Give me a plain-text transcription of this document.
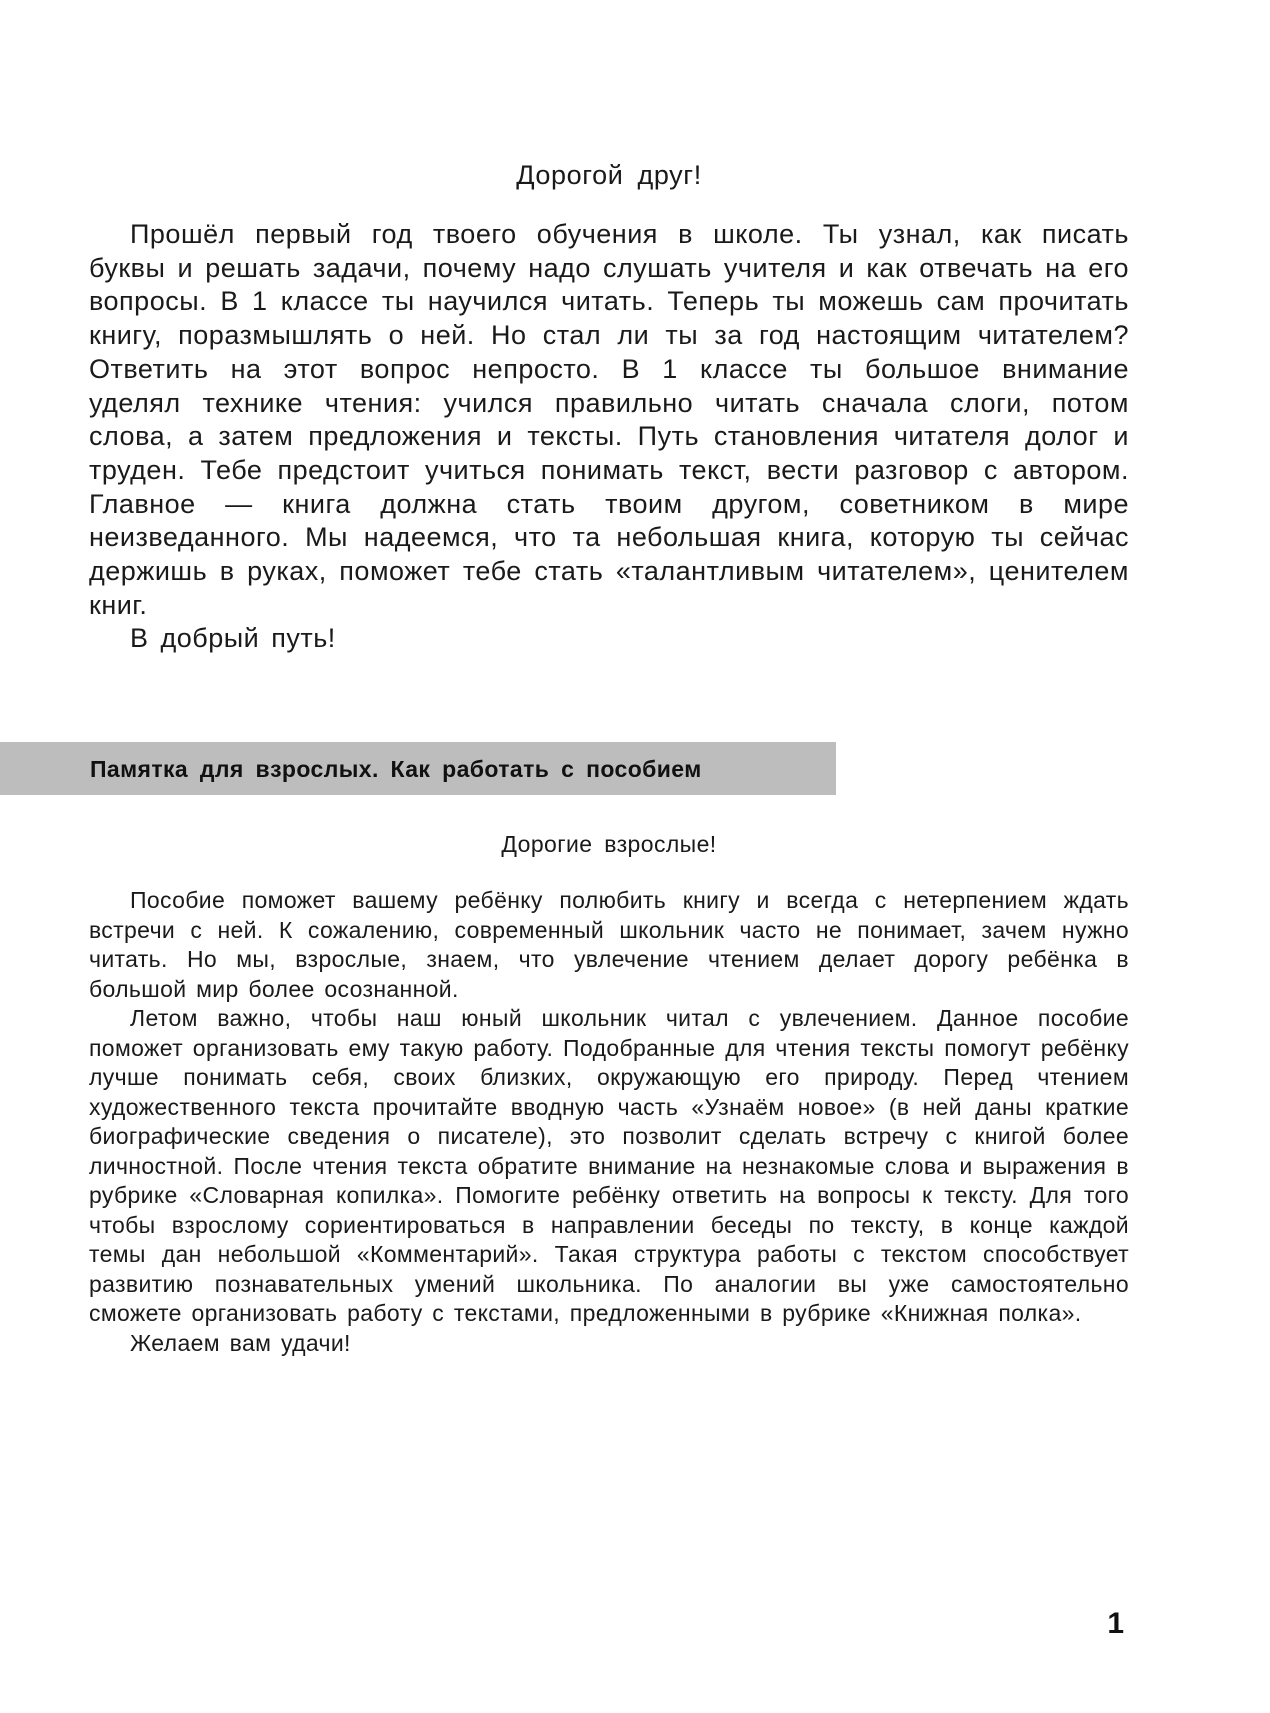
Дорогой друг!

Прошёл первый год твоего обучения в школе. Ты узнал, как писать буквы и решать задачи, почему надо слушать учителя и как отвечать на его вопросы. В 1 классе ты научился читать. Теперь ты можешь сам прочитать книгу, поразмышлять о ней. Но стал ли ты за год настоящим читателем? Ответить на этот вопрос непросто. В 1 классе ты большое внимание уделял технике чтения: учился правильно читать сначала слоги, потом слова, а затем предложения и тексты. Путь становления читателя долог и труден. Тебе предстоит учиться понимать текст, вести разговор с автором. Главное — книга должна стать твоим другом, советником в мире неизведанного. Мы надеемся, что та небольшая книга, которую ты сейчас держишь в руках, поможет тебе стать «талантливым читателем», ценителем книг.

В добрый путь!

Памятка для взрослых. Как работать с пособием
Дорогие взрослые!

Пособие поможет вашему ребёнку полюбить книгу и всегда с нетерпением ждать встречи с ней. К сожалению, современный школьник часто не понимает, зачем нужно читать. Но мы, взрослые, знаем, что увлечение чтением делает дорогу ребёнка в большой мир более осознанной.

Летом важно, чтобы наш юный школьник читал с увлечением. Данное пособие поможет организовать ему такую работу. Подобранные для чтения тексты помогут ребёнку лучше понимать себя, своих близких, окружающую его природу. Перед чтением художественного текста прочитайте вводную часть «Узнаём новое» (в ней даны краткие биографические сведения о писателе), это позволит сделать встречу с книгой более личностной. После чтения текста обратите внимание на незнакомые слова и выражения в рубрике «Словарная копилка». Помогите ребёнку ответить на вопросы к тексту. Для того чтобы взрослому сориентироваться в направлении беседы по тексту, в конце каждой темы дан небольшой «Комментарий». Такая структура работы с текстом способствует развитию познавательных умений школьника. По аналогии вы уже самостоятельно сможете организовать работу с текстами, предложенными в рубрике «Книжная полка».

Желаем вам удачи!

1
